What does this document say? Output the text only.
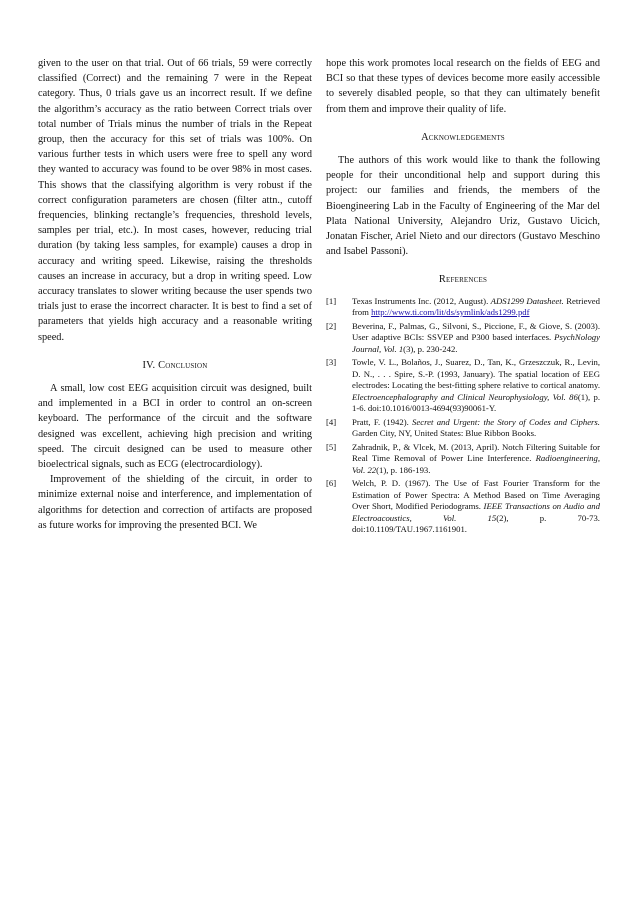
given to the user on that trial. Out of 66 trials, 59 were correctly classified (Correct) and the remaining 7 were in the Repeat category. Thus, 0 trials gave us an incorrect result. If we define the algorithm’s accuracy as the ratio between Correct trials over total number of Trials minus the number of trials in the Repeat group, then the accuracy for this set of trials was 100%. On various further tests in which users were free to spell any word they wanted to accuracy was found to be over 98% in most cases. This shows that the classifying algorithm is very robust if the correct configuration parameters are chosen (filter attn., cutoff frequencies, blinking rectangle’s frequencies, threshold levels, samples per trial, etc.). In most cases, however, reducing trial duration (by taking less samples, for example) causes a drop in accuracy and writing speed. Likewise, raising the thresholds causes an increase in accuracy, but a drop in writing speed. Low accuracy translates to slower writing because the user spends two trials just to erase the incorrect character. It is best to find a set of parameters that yields high accuracy and a reasonable writing speed.

IV. Conclusion

A small, low cost EEG acquisition circuit was designed, built and implemented in a BCI in order to control an on-screen keyboard. The performance of the circuit and the software designed was excellent, achieving high precision and writing speed. The circuit designed can be used to measure other bioelectrical signals, such as ECG (electrocardiology).

Improvement of the shielding of the circuit, in order to minimize external noise and interference, and implementation of algorithms for detection and correction of artifacts are proposed as future works for improving the presented BCI. We

hope this work promotes local research on the fields of EEG and BCI so that these types of devices become more easily accessible to severely disabled people, so that they can ultimately benefit from them and improve their quality of life.

Acknowledgements

The authors of this work would like to thank the following people for their unconditional help and support during this project: our families and friends, the members of the Bioengineering Lab in the Faculty of Engineering of the Mar del Plata National University, Alejandro Uriz, Gustavo Uicich, Jonatan Fischer, Ariel Nieto and our directors (Gustavo Meschino and Isabel Passoni).

References
[1]	Texas Instruments Inc. (2012, August). ADS1299 Datasheet. Retrieved from http://www.ti.com/lit/ds/symlink/ads1299.pdf
[2]	Beverina, F., Palmas, G., Silvoni, S., Piccione, F., & Giove, S. (2003). User adaptive BCIs: SSVEP and P300 based interfaces. PsychNology Journal, Vol. 1(3), p. 230-242.
[3]	Towle, V. L., Bolaños, J., Suarez, D., Tan, K., Grzeszczuk, R., Levin, D. N., . . . Spire, S.-P. (1993, January). The spatial location of EEG electrodes: Locating the best-fitting sphere relative to cortical anatomy. Electroencephalography and Clinical Neurophysiology, Vol. 86(1), p. 1-6. doi:10.1016/0013-4694(93)90061-Y.
[4]	Pratt, F. (1942). Secret and Urgent: the Story of Codes and Ciphers. Garden City, NY, United States: Blue Ribbon Books.
[5]	Zahradnik, P., & Vlcek, M. (2013, April). Notch Filtering Suitable for Real Time Removal of Power Line Interference. Radioengineering, Vol. 22(1), p. 186-193.
[6]	Welch, P. D. (1967). The Use of Fast Fourier Transform for the Estimation of Power Spectra: A Method Based on Time Averaging Over Short, Modified Periodograms. IEEE Transactions on Audio and Electroacoustics, Vol. 15(2), p. 70-73. doi:10.1109/TAU.1967.1161901.
